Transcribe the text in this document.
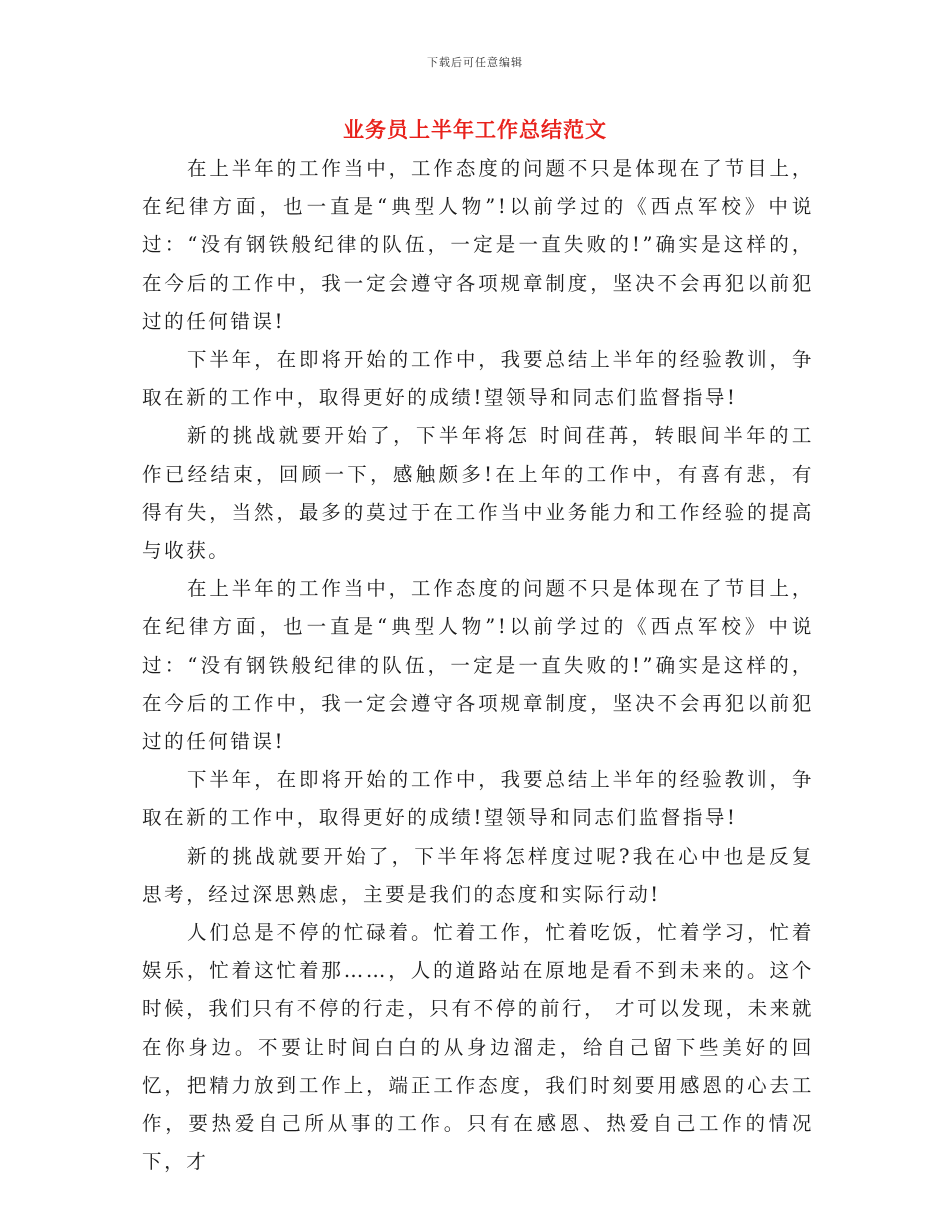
下载后可任意编辑
业务员上半年工作总结范文

在上半年的工作当中，工作态度的问题不只是体现在了节目上，在纪律方面，也一直是“典型人物”!以前学过的《西点军校》中说过：“没有钢铁般纪律的队伍，一定是一直失败的!”确实是这样的，在今后的工作中，我一定会遵守各项规章制度，坚决不会再犯以前犯过的任何错误!

下半年，在即将开始的工作中，我要总结上半年的经验教训，争取在新的工作中，取得更好的成绩!望领导和同志们监督指导!

新的挑战就要开始了，下半年将怎 时间荏苒，转眼间半年的工作已经结束，回顾一下，感触颇多!在上年的工作中，有喜有悲，有得有失，当然，最多的莫过于在工作当中业务能力和工作经验的提高与收获。

在上半年的工作当中，工作态度的问题不只是体现在了节目上，在纪律方面，也一直是“典型人物”!以前学过的《西点军校》中说过：“没有钢铁般纪律的队伍，一定是一直失败的!”确实是这样的，在今后的工作中，我一定会遵守各项规章制度，坚决不会再犯以前犯过的任何错误!

下半年，在即将开始的工作中，我要总结上半年的经验教训，争取在新的工作中，取得更好的成绩!望领导和同志们监督指导!

新的挑战就要开始了，下半年将怎样度过呢?我在心中也是反复思考，经过深思熟虑，主要是我们的态度和实际行动!

人们总是不停的忙碌着。忙着工作，忙着吃饭，忙着学习，忙着娱乐，忙着这忙着那……，人的道路站在原地是看不到未来的。这个时候，我们只有不停的行走，只有不停的前行， 才可以发现，未来就在你身边。不要让时间白白的从身边溜走，给自己留下些美好的回忆，把精力放到工作上，端正工作态度，我们时刻要用感恩的心去工作，要热爱自己所从事的工作。只有在感恩、热爱自己工作的情况下，才
